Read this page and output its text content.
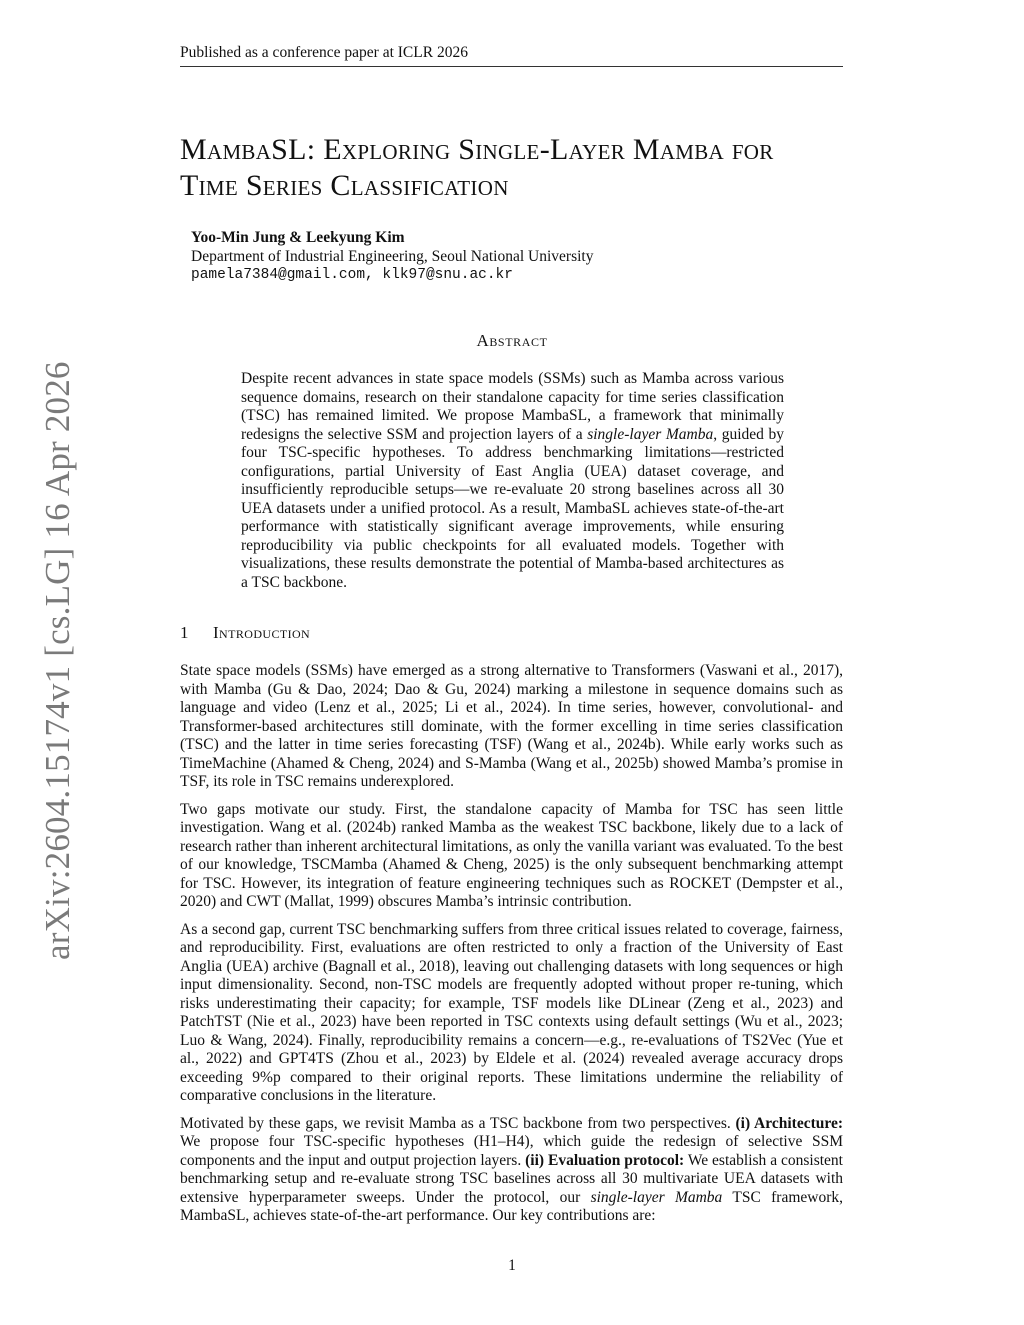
Published as a conference paper at ICLR 2026
arXiv:2604.15174v1 [cs.LG] 16 Apr 2026
MambaSL: Exploring Single-Layer Mamba for
Time Series Classification
Yoo-Min Jung & Leekyung Kim
Department of Industrial Engineering, Seoul National University
pamela7384@gmail.com, klk97@snu.ac.kr
Abstract
Despite recent advances in state space models (SSMs) such as Mamba across various sequence domains, research on their standalone capacity for time series classification (TSC) has remained limited. We propose MambaSL, a framework that minimally redesigns the selective SSM and projection layers of a single-layer Mamba, guided by four TSC-specific hypotheses. To address benchmarking limitations—restricted configurations, partial University of East Anglia (UEA) dataset coverage, and insufficiently reproducible setups—we re-evaluate 20 strong baselines across all 30 UEA datasets under a unified protocol. As a result, MambaSL achieves state-of-the-art performance with statistically significant average improvements, while ensuring reproducibility via public checkpoints for all evaluated models. Together with visualizations, these results demonstrate the potential of Mamba-based architectures as a TSC backbone.
1 Introduction

State space models (SSMs) have emerged as a strong alternative to Transformers (Vaswani et al., 2017), with Mamba (Gu & Dao, 2024; Dao & Gu, 2024) marking a milestone in sequence domains such as language and video (Lenz et al., 2025; Li et al., 2024). In time series, however, convolutional- and Transformer-based architectures still dominate, with the former excelling in time series classification (TSC) and the latter in time series forecasting (TSF) (Wang et al., 2024b). While early works such as TimeMachine (Ahamed & Cheng, 2024) and S-Mamba (Wang et al., 2025b) showed Mamba’s promise in TSF, its role in TSC remains underexplored.

Two gaps motivate our study. First, the standalone capacity of Mamba for TSC has seen little investigation. Wang et al. (2024b) ranked Mamba as the weakest TSC backbone, likely due to a lack of research rather than inherent architectural limitations, as only the vanilla variant was evaluated. To the best of our knowledge, TSCMamba (Ahamed & Cheng, 2025) is the only subsequent benchmarking attempt for TSC. However, its integration of feature engineering techniques such as ROCKET (Dempster et al., 2020) and CWT (Mallat, 1999) obscures Mamba’s intrinsic contribution.

As a second gap, current TSC benchmarking suffers from three critical issues related to coverage, fairness, and reproducibility. First, evaluations are often restricted to only a fraction of the University of East Anglia (UEA) archive (Bagnall et al., 2018), leaving out challenging datasets with long sequences or high input dimensionality. Second, non-TSC models are frequently adopted without proper re-tuning, which risks underestimating their capacity; for example, TSF models like DLinear (Zeng et al., 2023) and PatchTST (Nie et al., 2023) have been reported in TSC contexts using default settings (Wu et al., 2023; Luo & Wang, 2024). Finally, reproducibility remains a concern—e.g., re-evaluations of TS2Vec (Yue et al., 2022) and GPT4TS (Zhou et al., 2023) by Eldele et al. (2024) revealed average accuracy drops exceeding 9%p compared to their original reports. These limitations undermine the reliability of comparative conclusions in the literature.

Motivated by these gaps, we revisit Mamba as a TSC backbone from two perspectives. (i) Architecture: We propose four TSC-specific hypotheses (H1–H4), which guide the redesign of selective SSM components and the input and output projection layers. (ii) Evaluation protocol: We establish a consistent benchmarking setup and re-evaluate strong TSC baselines across all 30 multivariate UEA datasets with extensive hyperparameter sweeps. Under the protocol, our single-layer Mamba TSC framework, MambaSL, achieves state-of-the-art performance. Our key contributions are:

1
